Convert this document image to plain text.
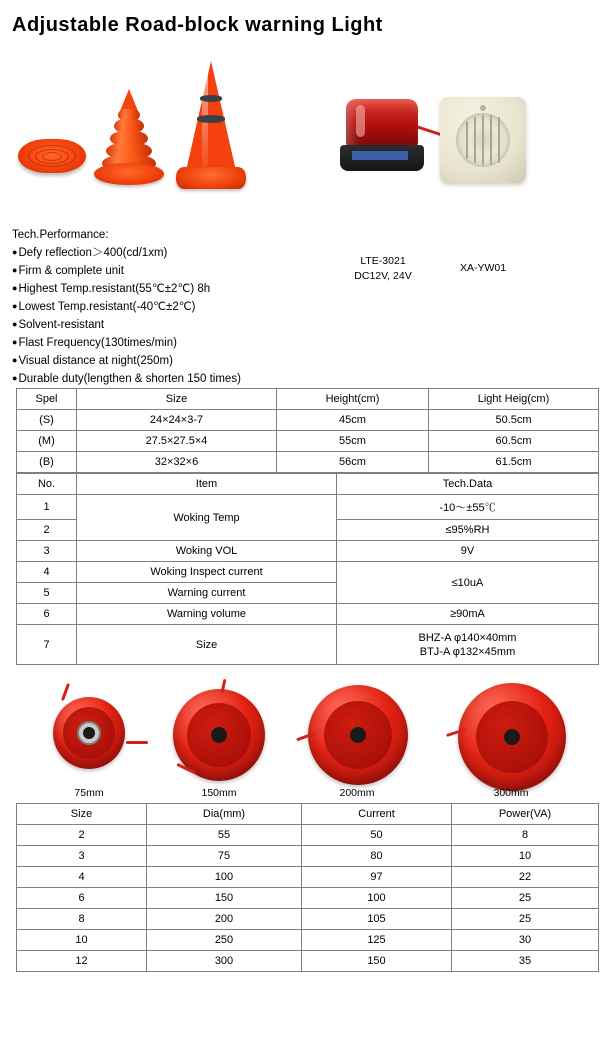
Adjustable Road-block warning Light
LTE-3021
DC12V, 24V
XA-YW01
Tech.Performance:
●Defy reflection＞400(cd/1xm)
●Firm & complete unit
●Highest Temp.resistant(55℃±2℃) 8h
●Lowest Temp.resistant(-40℃±2℃)
●Solvent-resistant
●Flast Frequency(130times/min)
●Visual distance at night(250m)
●Durable duty(lengthen & shorten 150 times)
Spel	Size	Height(cm)	Light Heig(cm)
(S)	24×24×3-7	45cm	50.5cm
(M)	27.5×27.5×4	55cm	60.5cm
(B)	32×32×6	56cm	61.5cm
No.	Item	Tech.Data
1	Woking Temp	-10～±55℃
2		≤95%RH
3	Woking VOL	9V
4	Woking Inspect current	≤10uA
5	Warning current	
6	Warning volume	≥90mA
7	Size	BHZ-A φ140×40mm
BTJ-A φ132×45mm
75mm	150mm	200mm	300mm
Size	Dia(mm)	Current	Power(VA)
2	55	50	8
3	75	80	10
4	100	97	22
6	150	100	25
8	200	105	25
10	250	125	30
12	300	150	35
